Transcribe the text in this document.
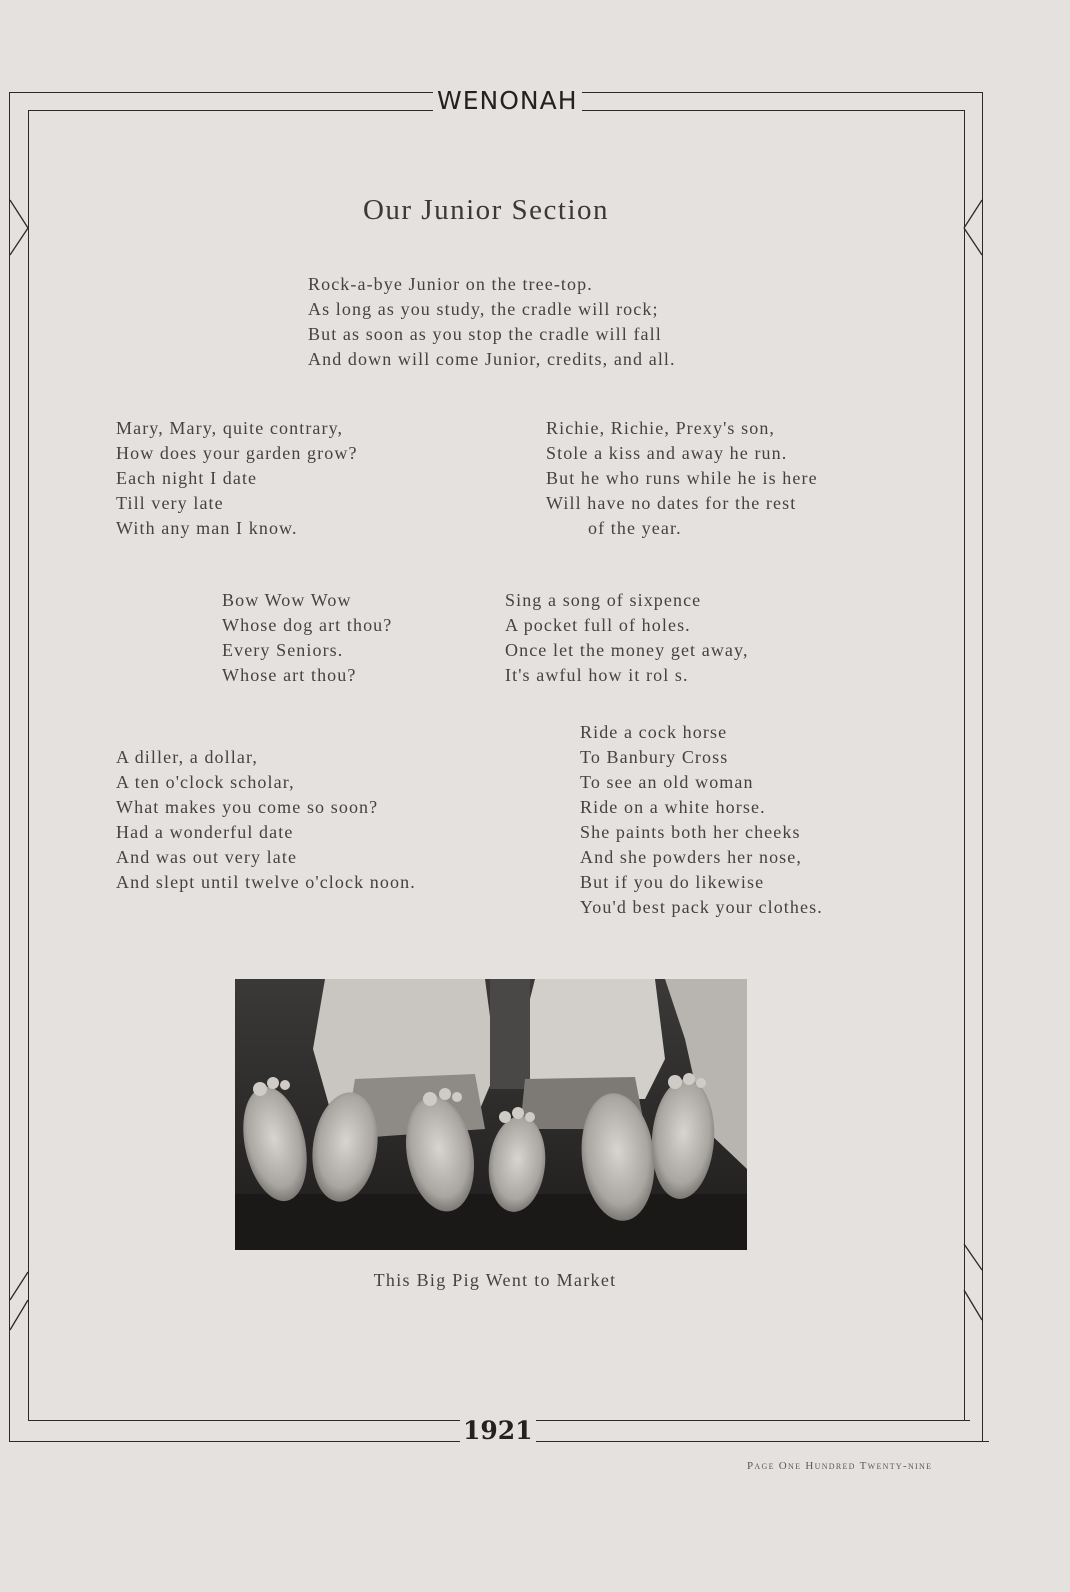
WENONAH
1921
Page One Hundred Twenty-nine
Our Junior Section
Rock-a-bye Junior on the tree-top.
As long as you study, the cradle will rock;
But as soon as you stop the cradle will fall
And down will come Junior, credits, and all.
Mary, Mary, quite contrary,
How does your garden grow?
Each night I date
Till very late
With any man I know.
Richie, Richie, Prexy's son,
Stole a kiss and away he run.
But he who runs while he is here
Will have no dates for the rest
of the year.
Bow Wow Wow
Whose dog art thou?
Every Seniors.
Whose art thou?
Sing a song of sixpence
A pocket full of holes.
Once let the money get away,
It's awful how it rol s.
A diller, a dollar,
A ten o'clock scholar,
What makes you come so soon?
Had a wonderful date
And was out very late
And slept until twelve o'clock noon.
Ride a cock horse
To Banbury Cross
To see an old woman
Ride on a white horse.
She paints both her cheeks
And she powders her nose,
But if you do likewise
You'd best pack your clothes.
This Big Pig Went to Market
